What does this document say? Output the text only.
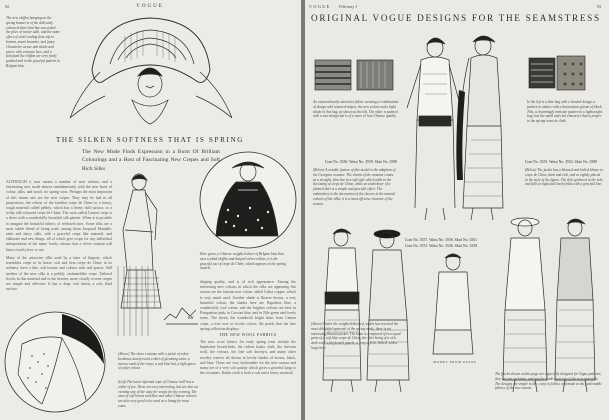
92	VOGUE
The new chiffon hanging on the spring bonnet is of the delicately coloured sheer that has succeeded the piles of winter tulle, and the same effect of vivid reading from top to bottom, smart brunette, and fancy Chantecler weave and shade and pierce with a mauve lace, and a fairyland the chiffon are very finely painted and in the graceful pattern in Belgian blue
THE SILKEN SOFTNESS THAT IS SPRING
The New Mode Finds Expression in a Burst Of Brilliant Colourings and a Host of Fascinating New Crepes and Soft Rich Silks
ALTHOUGH it now means a number of new colours, and a fascinating new mode almost simultaneously with the new burst of colour, silks, and wools for spring wear. Perhaps the most important of this charm sets are the new crepes. They may be had in all proportions, the richest of the familiar crepe de Chine to a heavy, rough material called pebbly, which has a heavy dull surface, or a richly silk-coloured crepe de Chine. The satin called Canton crepe is a sheer with a wonderfully beautiful silk pattern. When it is possible to imagine the beautiful fabrics of reflected ones. Some silks are a most subtle blend of being used, among them Jacquard Mandale, satin and fancy silks, with a graceful crepe like material, and elaborate and new things, all of which give scope for any individual interpretation of the many lovely colours that a clever woman will know exactly how to use.
Many of the attractive silks used by a tutor of lingerie, which resembles crepe in its lustre, soft and firm crepe de Chine in its softness, have a fine, soft texture and colours with real graces. Still another of the new silks is a pebbly, cashmerelike crepe. Tailored frocks in this material and in the heavier, more closely woven crepes are simple and effective. It has a deep, rich sheen, a soft, fluid surface.
Here gown, a Chinese weighted sheer of Belgian blue that uses a plaid chiffon and draped velvet collars, it is the graceful use of crepe de Chine, which appears in the spring models.
dinging quality, and is of rich appearance. Among the interesting new colours in which the silks are appearing this season are the famous new colour called Cobra copper, which is very much used. Another shade is Beaver brown, a very beautiful colour; the shades here are Napoleon blue, a wonderfully cool colour, and the brighter colours are here in Pompadour pink, in Grecian blue, and in Nile green and lovely tones. The sheen, the wonderful bright trims from Canton crepe, a true rose or lovely colour, the pearls that the fine spring collection displays.
THE NEW WOOL FABRICS
The new wool fabrics for early spring wear include the handsome broadcloths, the richest kasha cloth, the chevron twill, the velours, the fine soft duvetyn, and many other novelty weaves all shown in lovely shades of brown, black, and blue. These are very fashionable for the new season and many are of a very soft quality which gives a graceful hang to the costumes. Kasha cloth is both a soft and a heavy material.
BH
(Above) The sheer costume with a jacket of sober bordeaux duvetyn and a skirt of gleaming satin; a narrow sash of the crepe, a soft blue hat, a light gown of softer colour.
(Left) The latest informal cape of Chinese twill has a collar of fox. These are very interesting, but are also an evening way of the cape for wraps for the evening. The ones of soft brown and blue and other Chinese colours are also very good to be used as a lining for most coats.
VOGUE February 1	93
ORIGINAL VOGUE DESIGNS FOR THE SEAMSTRESS
An extraordinarily attractive fabric weaving a combination of design with textured stripes, the new colour and a light shade in this bag, as shown at the left. The other is painted with a new design but is of a more or less Chinese quality
In the left is a blue bag with a beaded design, a pattern in amber, with a harmonious gleam of black. This, a charmingly intricate pattern in a lightweight bag, has the small and rich character that is proper to the spring tones in cloth.
Coat No. 3556. Waist No. 3559. Skirt No. 3598
(Below) A notable feature of this model is the adaption of the Georgian costume. The charm of the costume comes as a straight, slim line in a soft style which adds to the becoming of crepe de Chine, while an underlayer of a pleated skirt is a simple and graceful effect. The embroidery is the decoration of the sleeves in the natural colours of the silks; it is a most effective charmer of the season.
Coat No. 3555. Waist No. 3552. Skirt No. 3589
(Below) The jacket has a bloused and belted blouse in crepe de Chine, dark and rich, and so rightly placed in the style of the figure. The skirt gathered at the side and falls in light and lovely folds with a graceful line.
Coat No. 3557. Waist No. 3556. Skirt No. 3561
Coat No. 3551. Waist No. 3546. Skirt No. 3558
(Above) Under the weighted bloused, which has received the most delightful approval of the spring mode, there is an interesting Russian jacket. The tunic is composed of two equal parts of a soft blue crepe de Chine, the skirt being of a rich dark wool with pleated panels; a long soft tie, belted, with a large bow.
MODEL FROM PATOU
The frocks shown on this page are especially designed for Vogue patterns; they are not exclusive, and may be made up in any of the new materials. The designs are simple in line, easy to follow, and made in the fashionable fabrics of the new season.
